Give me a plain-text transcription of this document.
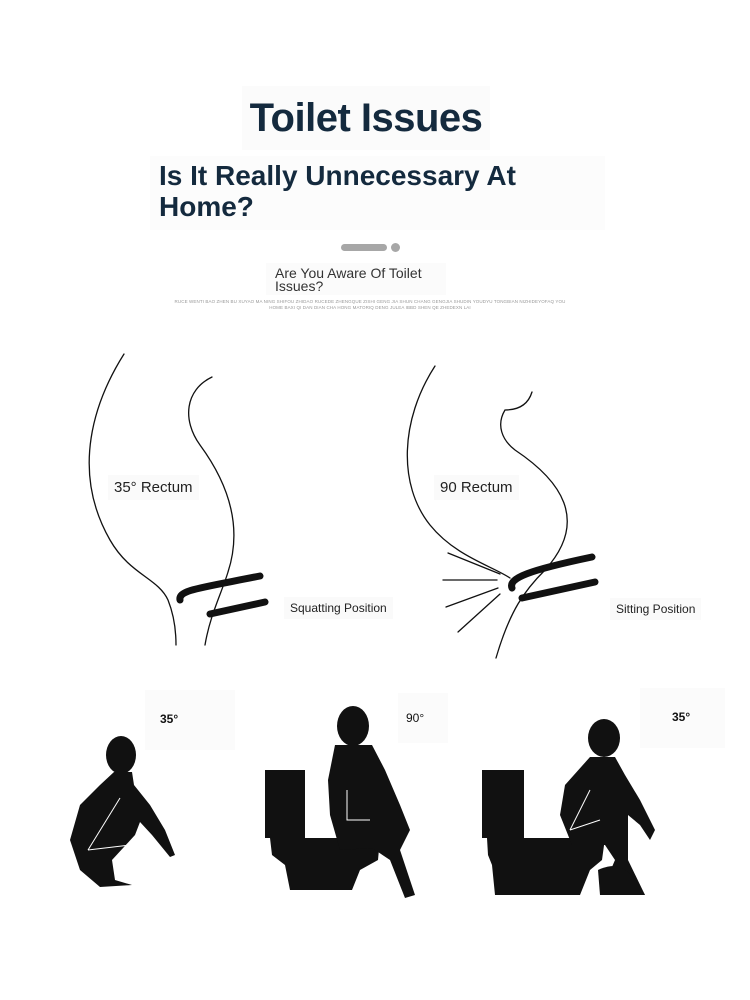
Toilet Issues
Is It Really Unnecessary At Home?
Are You Aware Of Toilet Issues?
RUCE WENTI BAO ZHEN BU XUYAO MA NING SHIFOU ZHIDAO RUCEDE ZHENGQUE ZISHI GENG JIA SHUN CHANG GENGJIA SHUDIN YOUDYU TONGBIAN NIZHIDEYOFAQ YOU HOME BAXI QI DAN DIAN CHA HONG MATORIQ DENG JULEA IBBD SHEN QE ZHEDEXN LAI
35° Rectum	90 Rectum
Squatting Position	Sitting Position
35°	90°	35°
